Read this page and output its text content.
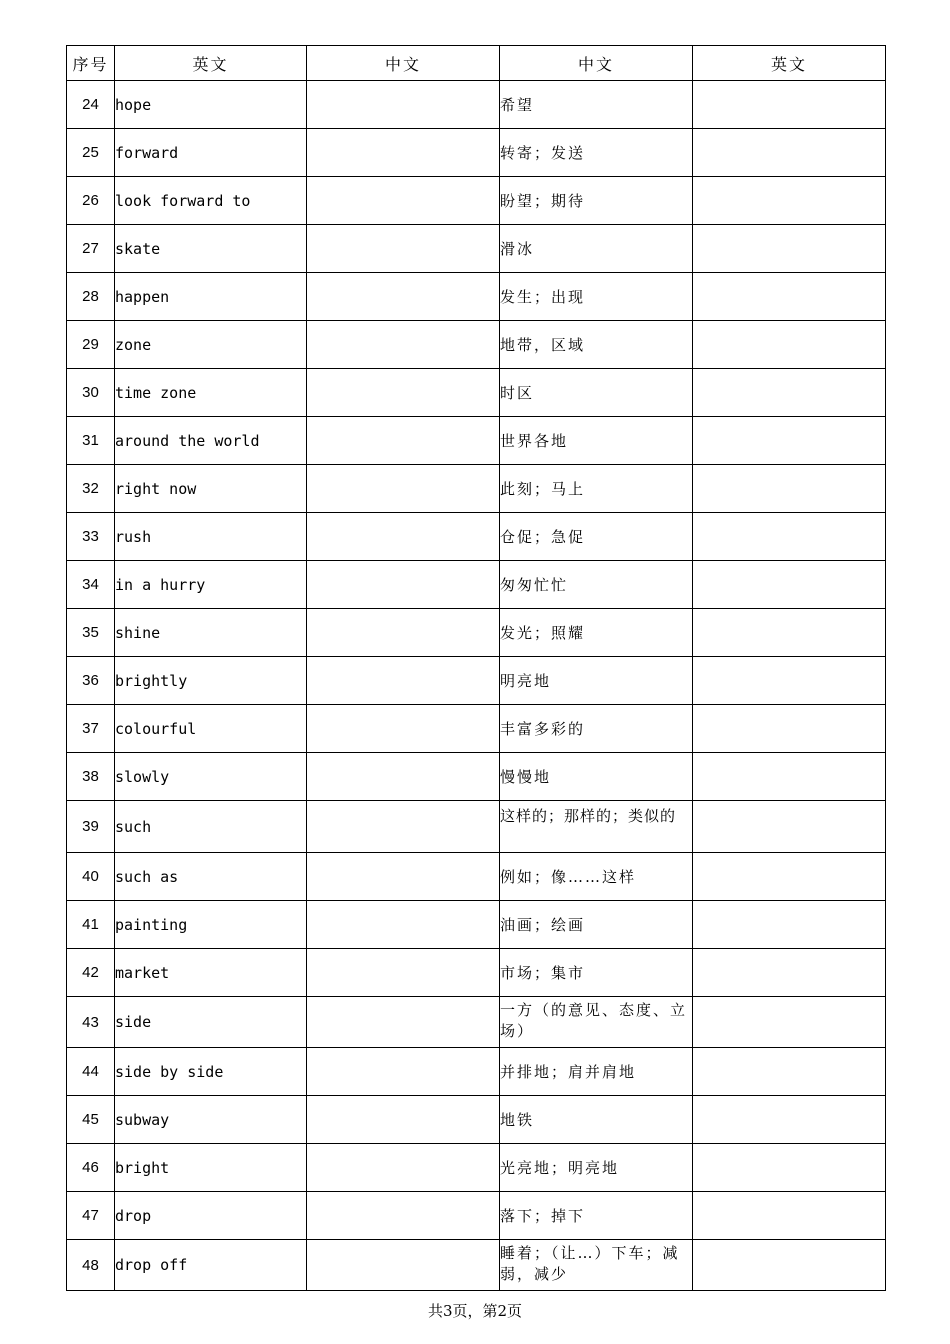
序号	英文	中文	中文	英文
24	hope		希望	
25	forward		转寄；发送	
26	look forward to		盼望；期待	
27	skate		滑冰	
28	happen		发生；出现	
29	zone		地带，区域	
30	time zone		时区	
31	around the world		世界各地	
32	right now		此刻；马上	
33	rush		仓促；急促	
34	in a hurry		匆匆忙忙	
35	shine		发光；照耀	
36	brightly		明亮地	
37	colourful		丰富多彩的	
38	slowly		慢慢地	
39	such		这样的；那样的；类似的	
40	such as		例如；像……这样	
41	painting		油画；绘画	
42	market		市场；集市	
43	side		一方（的意见、态度、立场）	
44	side by side		并排地；肩并肩地	
45	subway		地铁	
46	bright		光亮地；明亮地	
47	drop		落下；掉下	
48	drop off		睡着；（让…）下车；减弱，减少	
共3页，第2页
